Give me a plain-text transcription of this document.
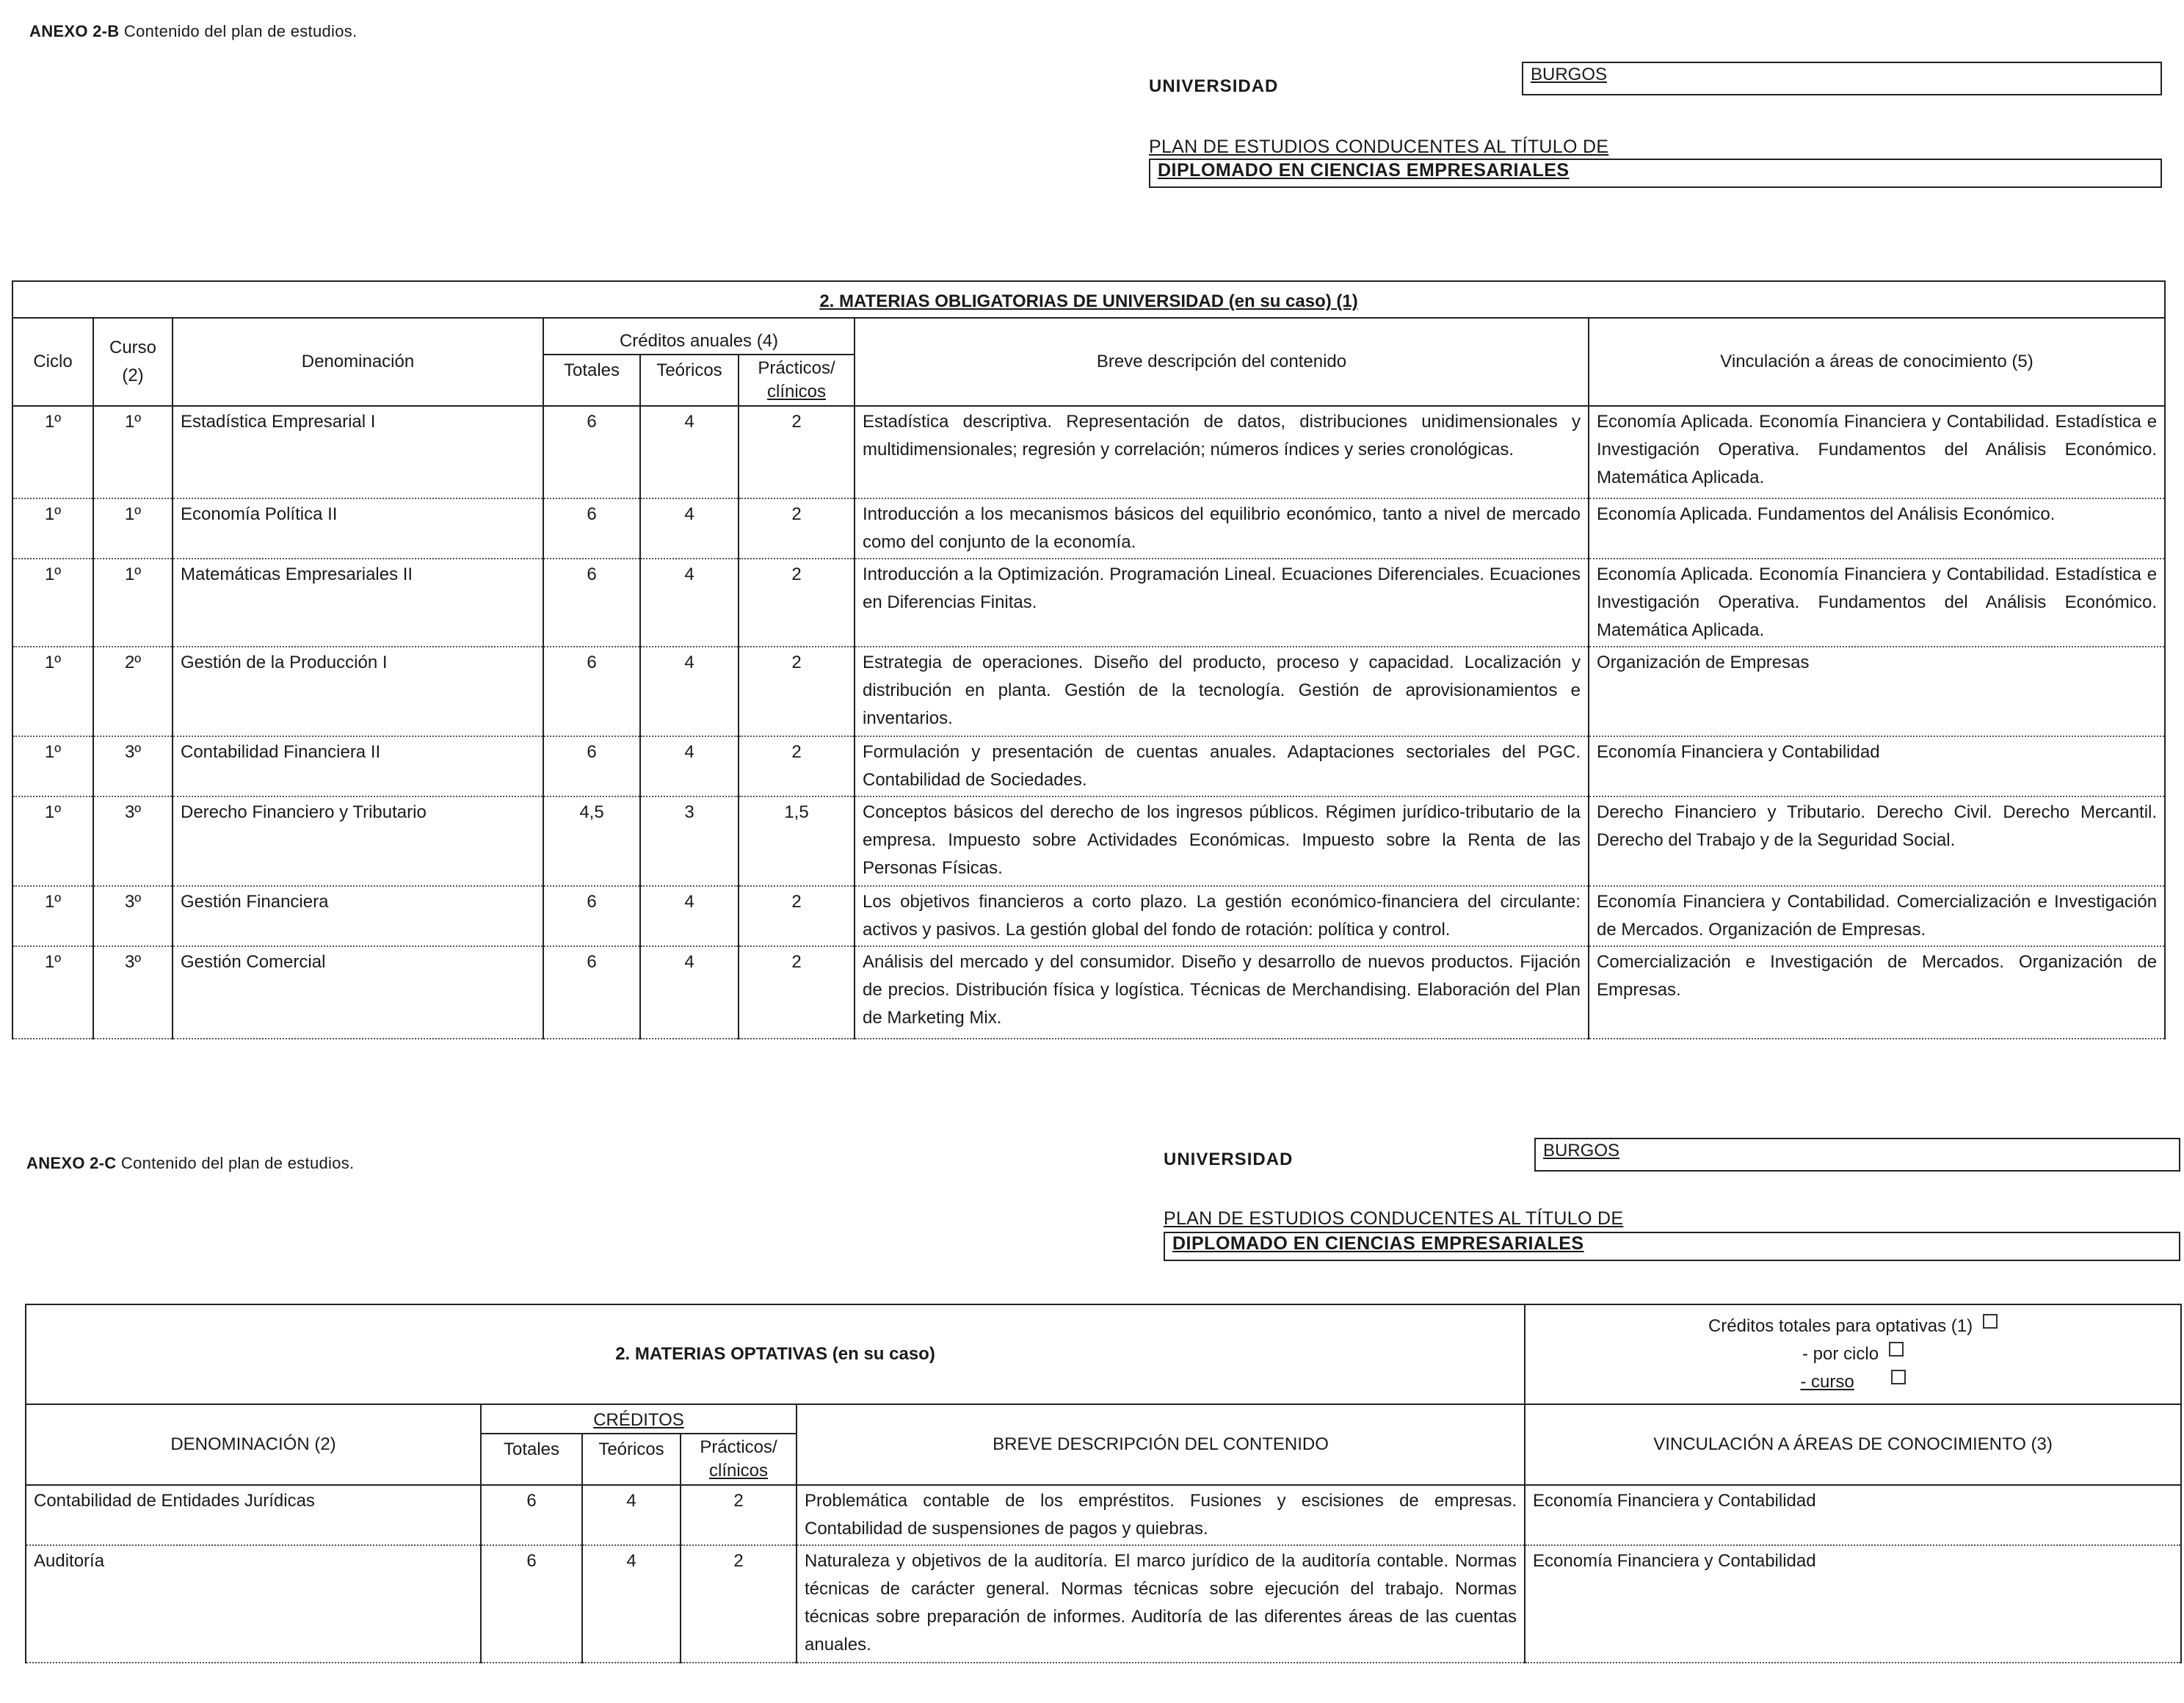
ANEXO 2-B Contenido del plan de estudios.
UNIVERSIDAD
BURGOS
PLAN DE ESTUDIOS CONDUCENTES AL TÍTULO DE
DIPLOMADO EN CIENCIAS EMPRESARIALES
2. MATERIAS OBLIGATORIAS DE UNIVERSIDAD (en su caso) (1)							
Ciclo	Curso
(2)	Denominación	Créditos anuales (4)			Breve descripción del contenido	Vinculación a áreas de conocimiento (5)
			Totales	Teóricos	Prácticos/
clínicos		

1º	1º	Estadística Empresarial I	6	4	2	Estadística descriptiva. Representación de datos, distribuciones unidimensionales y multidimensionales; regresión y correlación; números índices y series cronológicas.	Economía Aplicada. Economía Financiera y Contabilidad. Estadística e Investigación Operativa. Fundamentos del Análisis Económico. Matemática Aplicada.
1º	1º	Economía Política II	6	4	2	Introducción a los mecanismos básicos del equilibrio económico, tanto a nivel de mercado como del conjunto de la economía.	Economía Aplicada. Fundamentos del Análisis Económico.
1º	1º	Matemáticas Empresariales II	6	4	2	Introducción a la Optimización. Programación Lineal. Ecuaciones Diferenciales. Ecuaciones en Diferencias Finitas.	Economía Aplicada. Economía Financiera y Contabilidad. Estadística e Investigación Operativa. Fundamentos del Análisis Económico. Matemática Aplicada.
1º	2º	Gestión de la Producción I	6	4	2	Estrategia de operaciones. Diseño del producto, proceso y capacidad. Localización y distribución en planta. Gestión de la tecnología. Gestión de aprovisionamientos e inventarios.	Organización de Empresas
1º	3º	Contabilidad Financiera II	6	4	2	Formulación y presentación de cuentas anuales. Adaptaciones sectoriales del PGC. Contabilidad de Sociedades.	Economía Financiera y Contabilidad
1º	3º	Derecho Financiero y Tributario	4,5	3	1,5	Conceptos básicos del derecho de los ingresos públicos. Régimen jurídico-tributario de la empresa. Impuesto sobre Actividades Económicas. Impuesto sobre la Renta de las Personas Físicas.	Derecho Financiero y Tributario. Derecho Civil. Derecho Mercantil. Derecho del Trabajo y de la Seguridad Social.
1º	3º	Gestión Financiera	6	4	2	Los objetivos financieros a corto plazo. La gestión económico-financiera del circulante: activos y pasivos. La gestión global del fondo de rotación: política y control.	Economía Financiera y Contabilidad. Comercialización e Investigación de Mercados. Organización de Empresas.
1º	3º	Gestión Comercial	6	4	2	Análisis del mercado y del consumidor. Diseño y desarrollo de nuevos productos. Fijación de precios. Distribución física y logística. Técnicas de Merchandising. Elaboración del Plan de Marketing Mix.	Comercialización e Investigación de Mercados. Organización de Empresas.
ANEXO 2-C Contenido del plan de estudios.	UNIVERSIDAD	BURGOS
PLAN DE ESTUDIOS CONDUCENTES AL TÍTULO DE
DIPLOMADO EN CIENCIAS EMPRESARIALES
2. MATERIAS OPTATIVAS (en su caso)					Créditos totales para optativas (1)
- por ciclo
- curso

DENOMINACIÓN (2)	CRÉDITOS			BREVE DESCRIPCIÓN DEL CONTENIDO	VINCULACIÓN A ÁREAS DE CONOCIMIENTO (3)
	Totales	Teóricos	Prácticos/
clínicos		

Contabilidad de Entidades Jurídicas	6	4	2	Problemática contable de los empréstitos. Fusiones y escisiones de empresas. Contabilidad de suspensiones de pagos y quiebras.	Economía Financiera y Contabilidad
Auditoría	6	4	2	Naturaleza y objetivos de la auditoría. El marco jurídico de la auditoría contable. Normas técnicas de carácter general. Normas técnicas sobre ejecución del trabajo. Normas técnicas sobre preparación de informes. Auditoría de las diferentes áreas de las cuentas anuales.	Economía Financiera y Contabilidad
